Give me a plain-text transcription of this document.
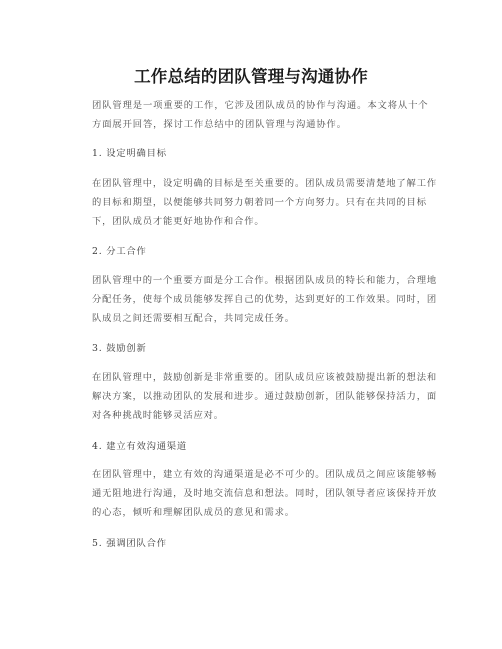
工作总结的团队管理与沟通协作

团队管理是一项重要的工作，它涉及团队成员的协作与沟通。本文将从十个方面展开回答，探讨工作总结中的团队管理与沟通协作。

1. 设定明确目标

在团队管理中，设定明确的目标是至关重要的。团队成员需要清楚地了解工作的目标和期望，以便能够共同努力朝着同一个方向努力。只有在共同的目标下，团队成员才能更好地协作和合作。

2. 分工合作

团队管理中的一个重要方面是分工合作。根据团队成员的特长和能力，合理地分配任务，使每个成员能够发挥自己的优势，达到更好的工作效果。同时，团队成员之间还需要相互配合，共同完成任务。

3. 鼓励创新

在团队管理中，鼓励创新是非常重要的。团队成员应该被鼓励提出新的想法和解决方案，以推动团队的发展和进步。通过鼓励创新，团队能够保持活力，面对各种挑战时能够灵活应对。

4. 建立有效沟通渠道

在团队管理中，建立有效的沟通渠道是必不可少的。团队成员之间应该能够畅通无阻地进行沟通，及时地交流信息和想法。同时，团队领导者应该保持开放的心态，倾听和理解团队成员的意见和需求。

5. 强调团队合作
